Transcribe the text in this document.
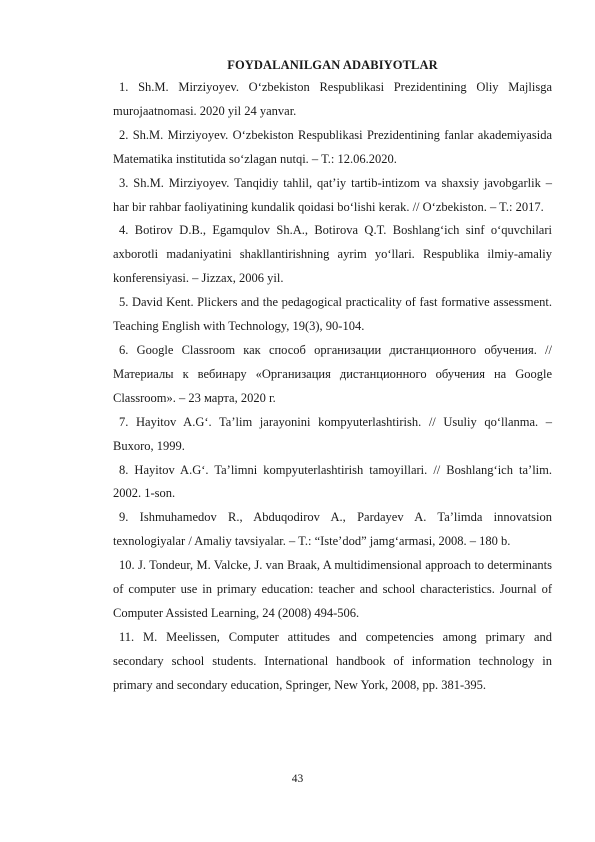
FOYDALANILGAN ADABIYOTLAR

1. Sh.M. Mirziyoyev. O‘zbekiston Respublikasi Prezidentining Oliy Majlisga murojaatnomasi. 2020 yil 24 yanvar.

2. Sh.M. Mirziyoyev. O‘zbekiston Respublikasi Prezidentining fanlar akademiyasida Matematika institutida so‘zlagan nutqi. – T.: 12.06.2020.

3. Sh.M. Mirziyoyev. Tanqidiy tahlil, qat’iy tartib-intizom va shaxsiy javobgarlik – har bir rahbar faoliyatining kundalik qoidasi bo‘lishi kerak. // O‘zbekiston. – T.: 2017.

4. Botirov D.B., Egamqulov Sh.A., Botirova Q.T. Boshlang‘ich sinf o‘quvchilari axborotli madaniyatini shakllantirishning ayrim yo‘llari. Respublika ilmiy-amaliy konferensiyasi. – Jizzax, 2006 yil.

5. David Kent. Plickers and the pedagogical practicality of fast formative assessment. Teaching English with Technology, 19(3), 90-104.

6. Google Classroom как способ организации дистанционного обучения. // Материалы к вебинару «Организация дистанционного обучения на Google Classroom». – 23 марта, 2020 г.

7. Hayitov A.G‘. Ta’lim jarayonini kompyuterlashtirish. // Usuliy qo‘llanma. – Buxoro, 1999.

8. Hayitov A.G‘. Ta’limni kompyuterlashtirish tamoyillari. // Boshlang‘ich ta’lim. 2002. 1-son.

9. Ishmuhamedov R., Abduqodirov A., Pardayev A. Ta’limda innovatsion texnologiyalar / Amaliy tavsiyalar. – T.: “Iste’dod” jamg‘armasi, 2008. – 180 b.

10. J. Tondeur, M. Valcke, J. van Braak, A multidimensional approach to determinants of computer use in primary education: teacher and school characteristics. Journal of Computer Assisted Learning, 24 (2008) 494-506.

11. M. Meelissen, Computer attitudes and competencies among primary and secondary school students. International handbook of information technology in primary and secondary education, Springer, New York, 2008, pp. 381-395.

43
